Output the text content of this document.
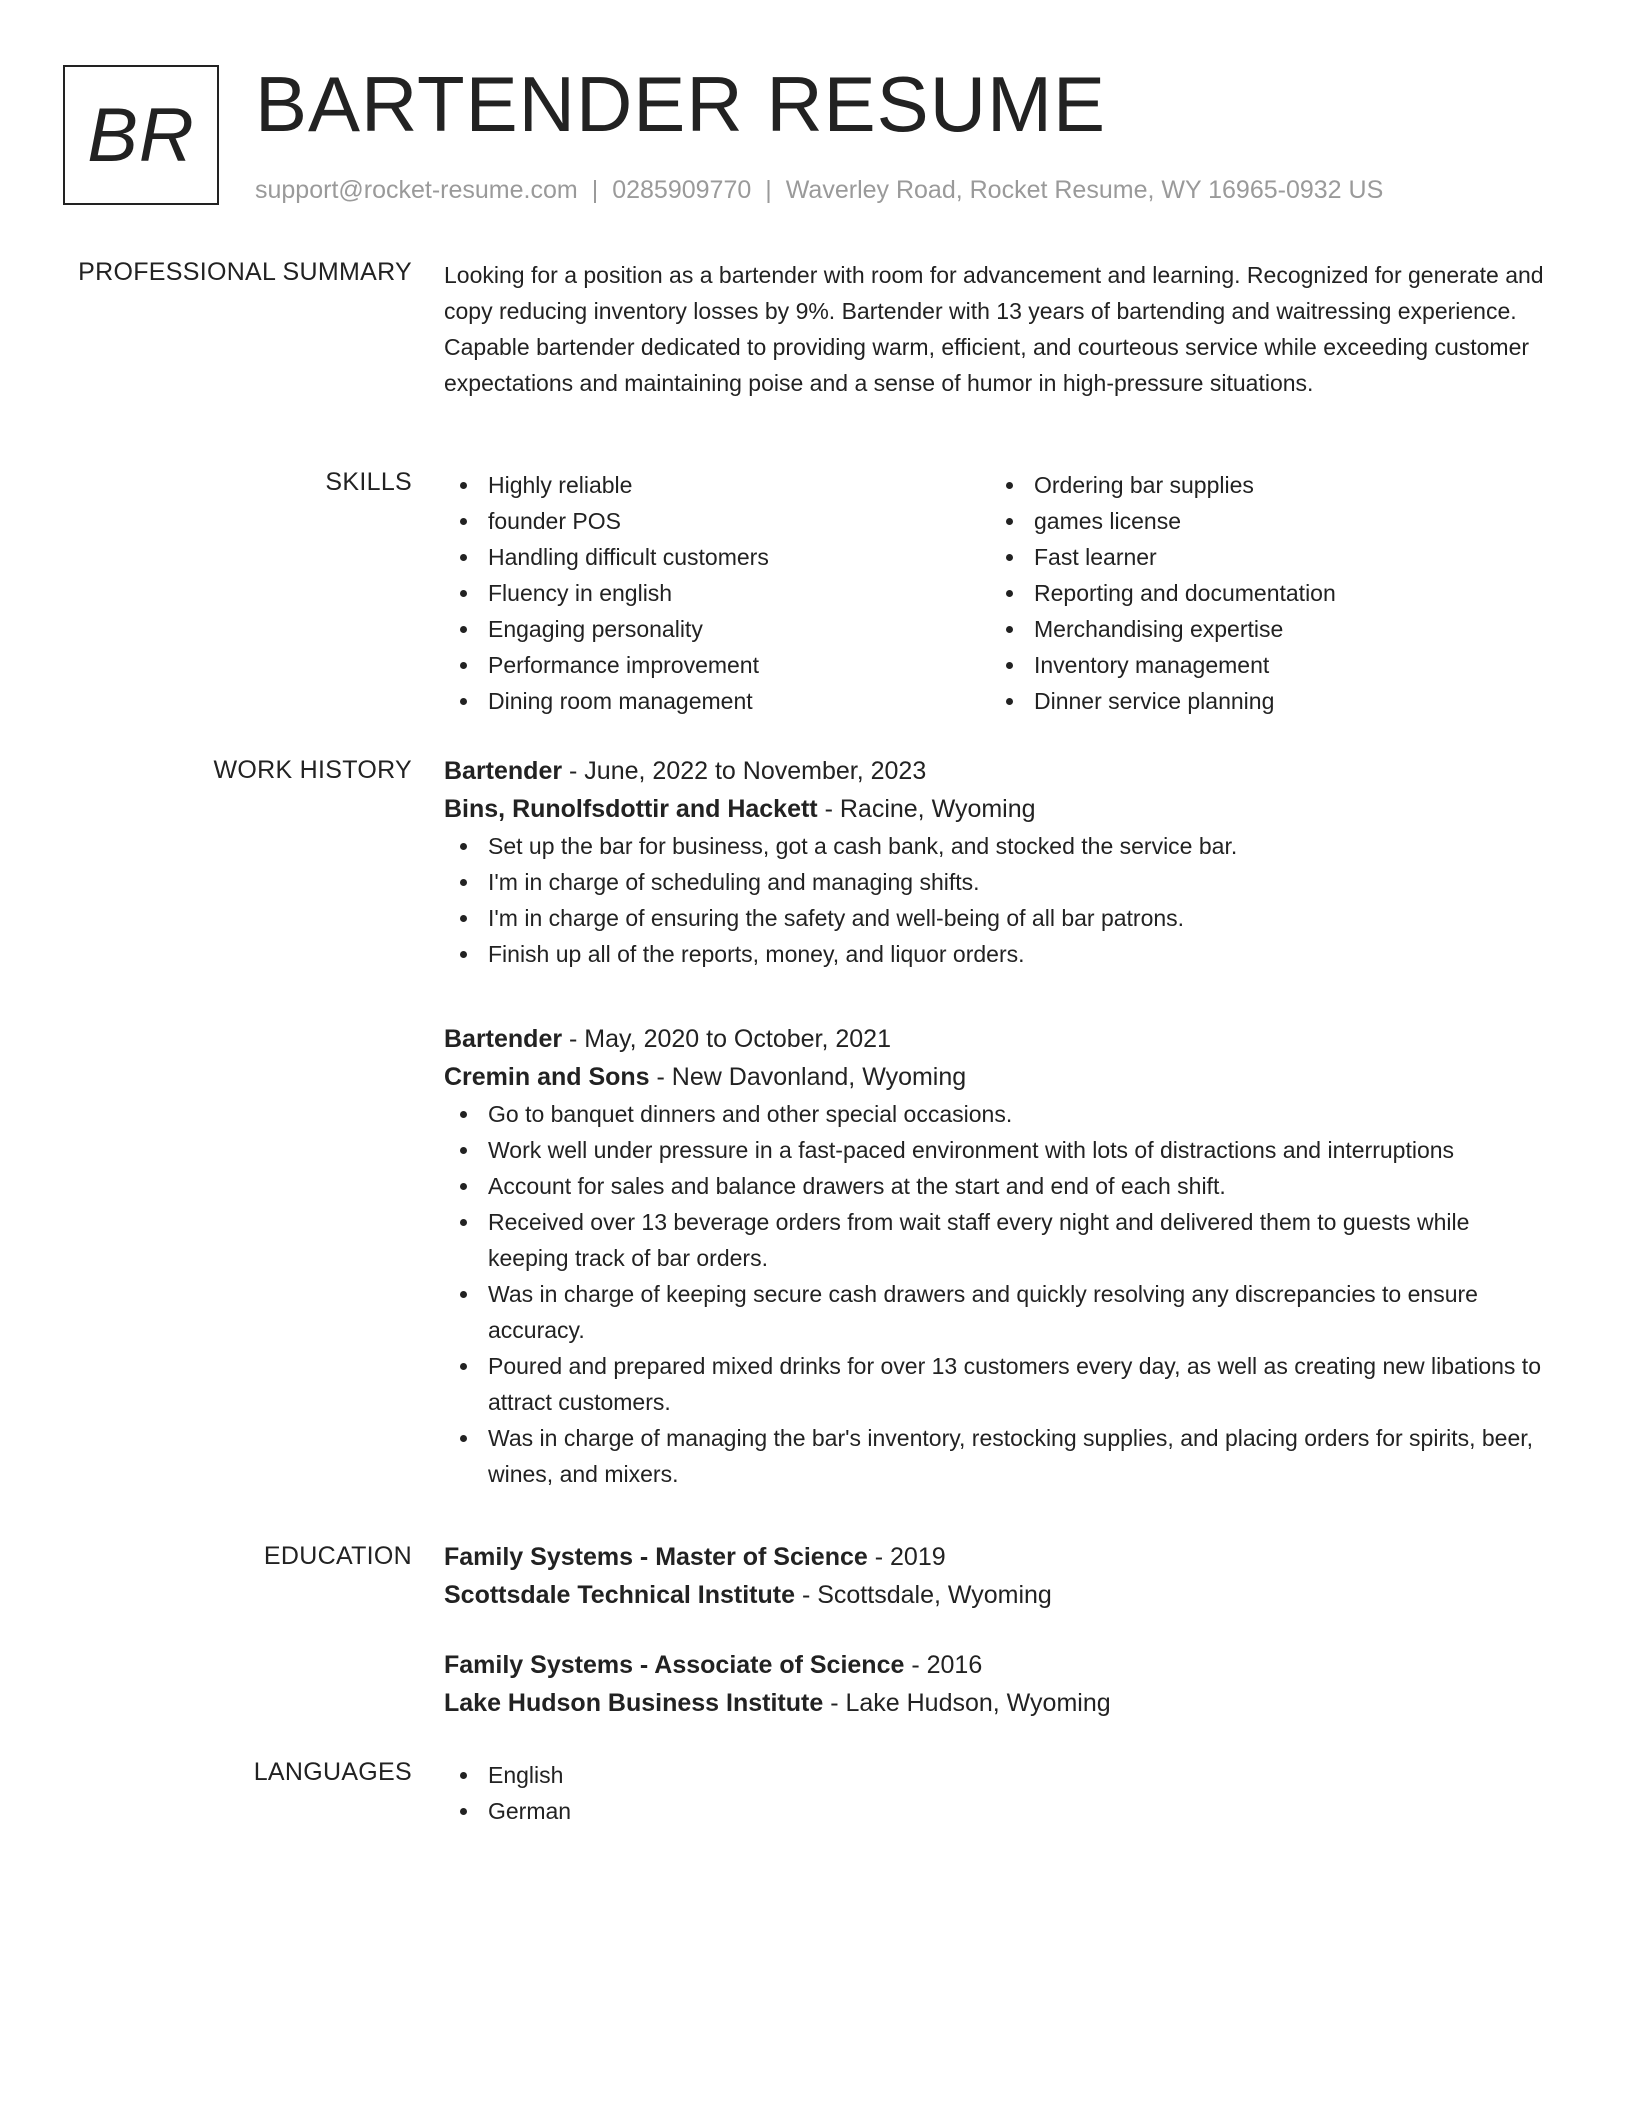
BR BARTENDER RESUME
support@rocket-resume.com | 0285909770 | Waverley Road, Rocket Resume, WY 16965-0932 US
PROFESSIONAL SUMMARY Looking for a position as a bartender with room for advancement and learning. Recognized for generate and copy reducing inventory losses by 9%. Bartender with 13 years of bartending and waitressing experience. Capable bartender dedicated to providing warm, efficient, and courteous service while exceeding customer expectations and maintaining poise and a sense of humor in high-pressure situations.

SKILLS	Highly reliable
founder POS
Handling difficult customers
Fluency in english
Engaging personality
Performance improvement
Dining room management
Ordering bar supplies
games license
Fast learner
Reporting and documentation
Merchandising expertise
Inventory management
Dinner service planning
WORK HISTORY Bartender - June, 2022 to November, 2023
Bins, Runolfsdottir and Hackett - Racine, Wyoming
Set up the bar for business, got a cash bank, and stocked the service bar.
I'm in charge of scheduling and managing shifts.
I'm in charge of ensuring the safety and well-being of all bar patrons.
Finish up all of the reports, money, and liquor orders.
Bartender - May, 2020 to October, 2021
Cremin and Sons - New Davonland, Wyoming
Go to banquet dinners and other special occasions.
Work well under pressure in a fast-paced environment with lots of distractions and interruptions
Account for sales and balance drawers at the start and end of each shift.
Received over 13 beverage orders from wait staff every night and delivered them to guests while keeping track of bar orders.
Was in charge of keeping secure cash drawers and quickly resolving any discrepancies to ensure accuracy.
Poured and prepared mixed drinks for over 13 customers every day, as well as creating new libations to attract customers.
Was in charge of managing the bar's inventory, restocking supplies, and placing orders for spirits, beer, wines, and mixers.
EDUCATION Family Systems - Master of Science - 2019
Scottsdale Technical Institute - Scottsdale, Wyoming
Family Systems - Associate of Science - 2016
Lake Hudson Business Institute - Lake Hudson, Wyoming
LANGUAGES	English
German
